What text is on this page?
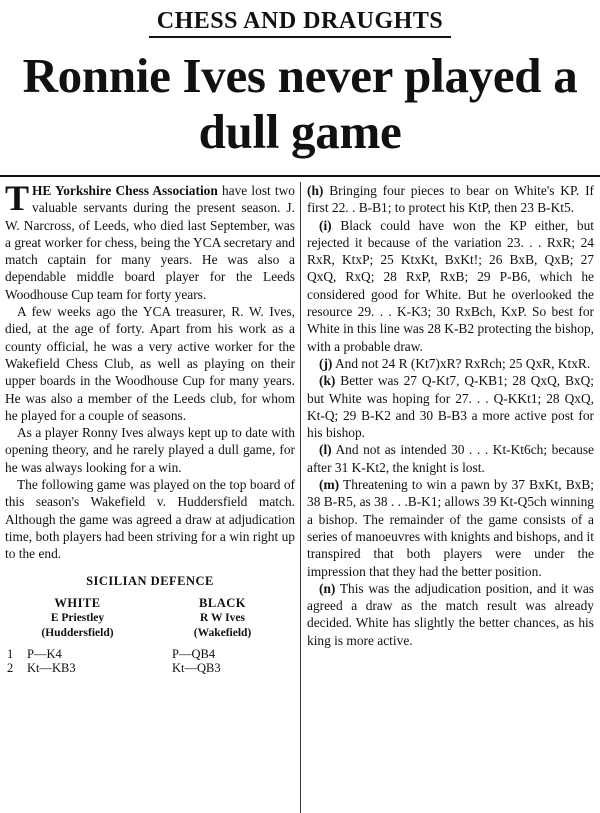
CHESS AND DRAUGHTS
Ronnie Ives never played a dull game

THE Yorkshire Chess Association have lost two valuable servants during the present season. J. W. Narcross, of Leeds, who died last September, was a great worker for chess, being the YCA secretary and match captain for many years. He was also a dependable middle board player for the Leeds Woodhouse Cup team for forty years.

A few weeks ago the YCA treasurer, R. W. Ives, died, at the age of forty. Apart from his work as a county official, he was a very active worker for the Wakefield Chess Club, as well as playing on their upper boards in the Woodhouse Cup for many years. He was also a member of the Leeds club, for whom he played for a couple of seasons.

As a player Ronny Ives always kept up to date with opening theory, and he rarely played a dull game, for he was always looking for a win.

The following game was played on the top board of this season's Wakefield v. Huddersfield match. Although the game was agreed a draw at adjudication time, both players had been striving for a win right up to the end.

SICILIAN DEFENCE
WHITE
E Priestley
(Huddersfield)
BLACK
R W Ives
(Wakefield)
1	P—K4	P—QB4
2	Kt—KB3	Kt—QB3

(h) Bringing four pieces to bear on White's KP. If first 22. . B-B1; to protect his KtP, then 23 B-Kt5.

(i) Black could have won the KP either, but rejected it because of the variation 23. . . RxR; 24 RxR, KtxP; 25 KtxKt, BxKt!; 26 BxB, QxB; 27 QxQ, RxQ; 28 RxP, RxB; 29 P-B6, which he considered good for White. But he overlooked the resource 29. . . K-K3; 30 RxBch, KxP. So best for White in this line was 28 K-B2 protecting the bishop, with a probable draw.

(j) And not 24 R (Kt7)xR? RxRch; 25 QxR, KtxR.

(k) Better was 27 Q-Kt7, Q-KB1; 28 QxQ, BxQ; but White was hoping for 27. . . Q-KKt1; 28 QxQ, Kt-Q; 29 B-K2 and 30 B-B3 a more active post for his bishop.

(l) And not as intended 30 . . . Kt-Kt6ch; because after 31 K-Kt2, the knight is lost.

(m) Threatening to win a pawn by 37 BxKt, BxB; 38 B-R5, as 38 . . .B-K1; allows 39 Kt-Q5ch winning a bishop. The remainder of the game consists of a series of manoeuvres with knights and bishops, and it transpired that both players were under the impression that they had the better position.

(n) This was the adjudication position, and it was agreed a draw as the match result was already decided. White has slightly the better chances, as his king is more active.
